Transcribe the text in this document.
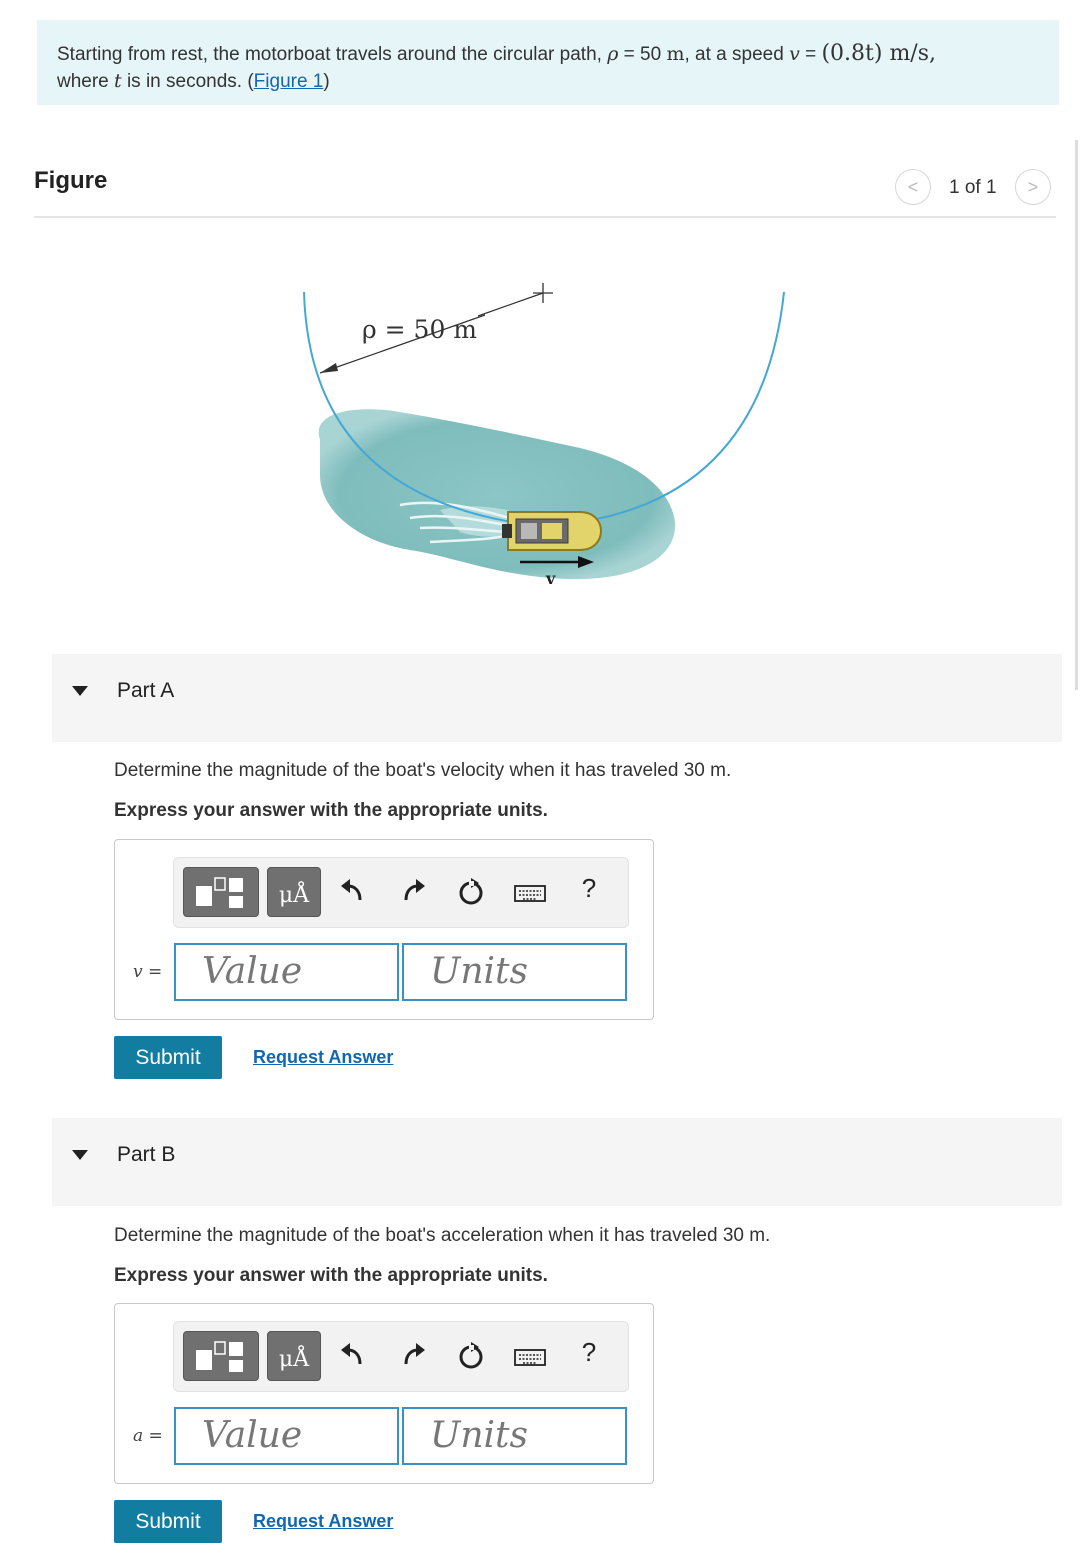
Starting from rest, the motorboat travels around the circular path, ρ = 50 m, at a speed v = (0.8t) m/s,
where t is in seconds. (Figure 1)
Figure	<	1 of 1	>
ρ = 50 m
v
Part A
Determine the magnitude of the boat's velocity when it has traveled 30 m.
Express your answer with the appropriate units.
μÅ	?
v =	Value	Units
Submit	Request Answer
Part B
Determine the magnitude of the boat's acceleration when it has traveled 30 m.
Express your answer with the appropriate units.
μÅ	?
a =	Value	Units
Submit	Request Answer
